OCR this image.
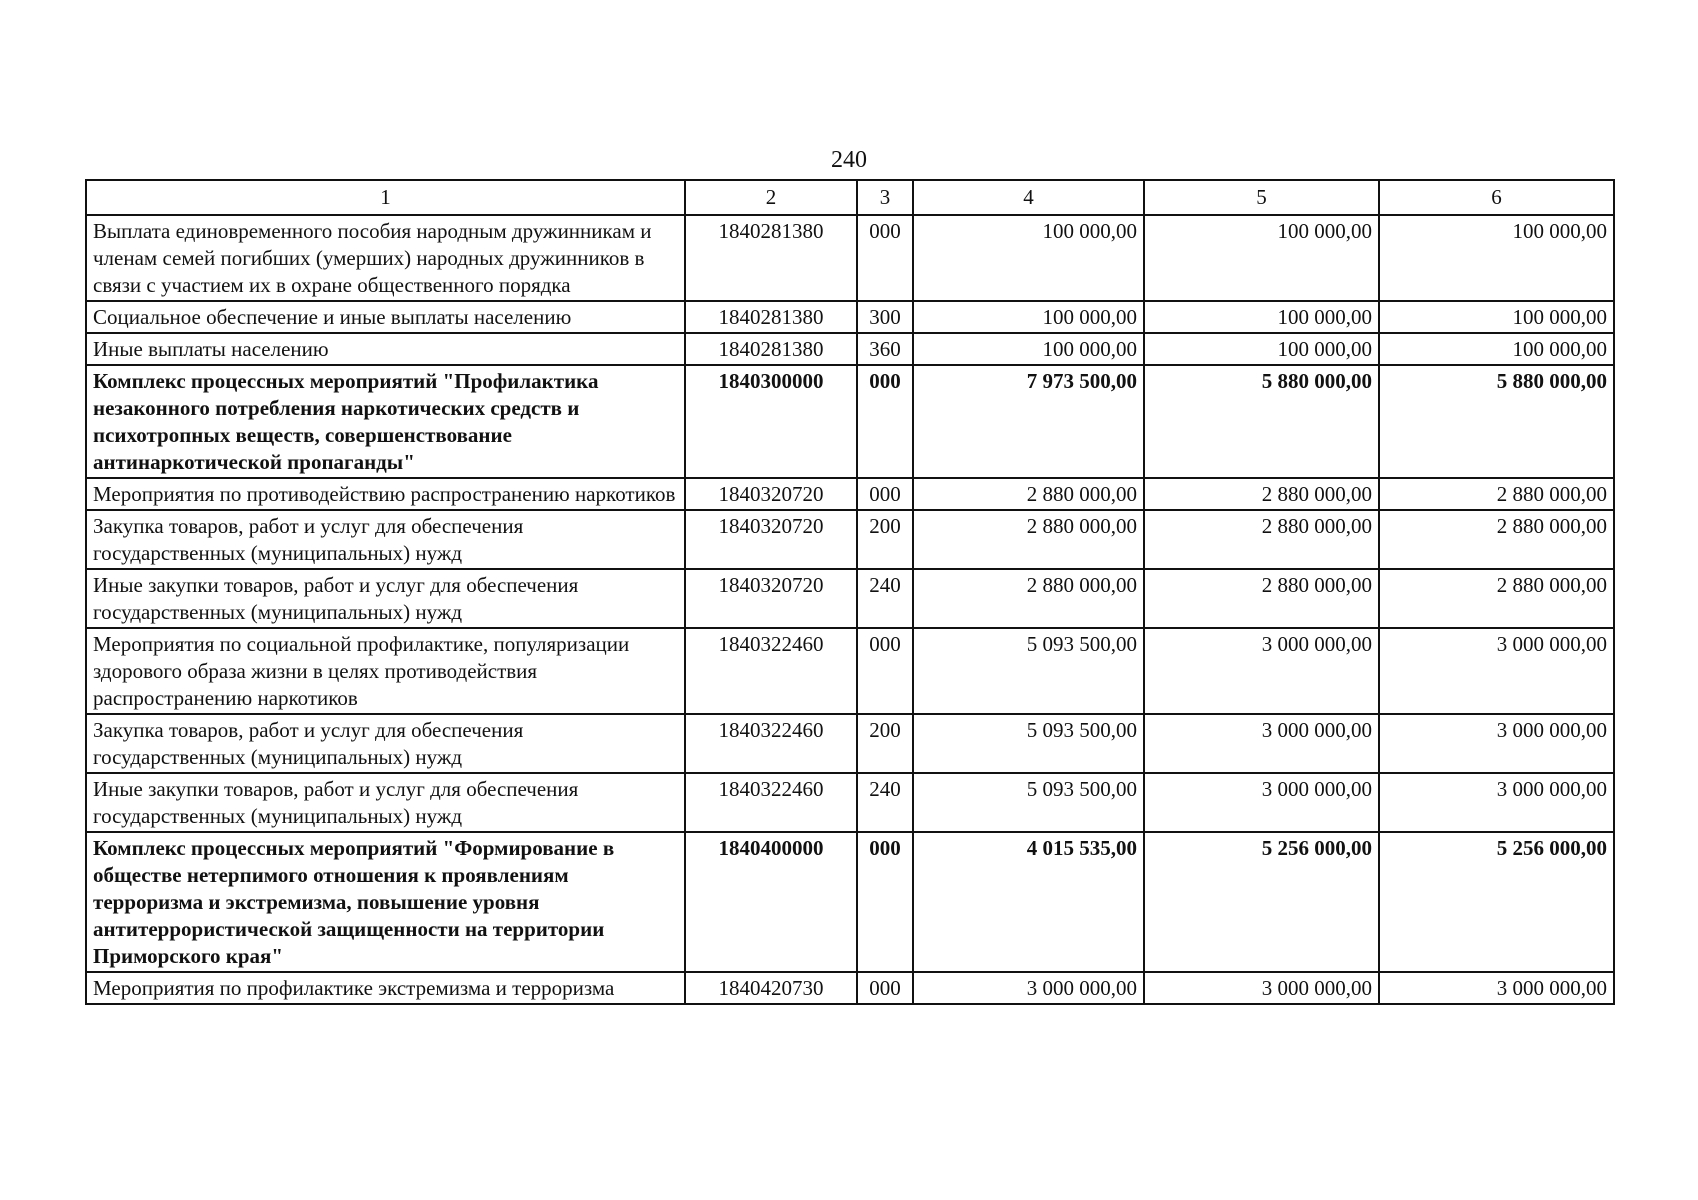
240
1	2	3	4	5	6
Выплата единовременного пособия народным дружинникам и членам семей погибших (умерших) народных дружинников в связи с участием их в охране общественного порядка	1840281380	000	100 000,00	100 000,00	100 000,00
Социальное обеспечение и иные выплаты населению	1840281380	300	100 000,00	100 000,00	100 000,00
Иные выплаты населению	1840281380	360	100 000,00	100 000,00	100 000,00
Комплекс процессных мероприятий "Профилактика незаконного потребления наркотических средств и психотропных веществ, совершенствование антинаркотической пропаганды"	1840300000	000	7 973 500,00	5 880 000,00	5 880 000,00
Мероприятия по противодействию распространению наркотиков	1840320720	000	2 880 000,00	2 880 000,00	2 880 000,00
Закупка товаров, работ и услуг для обеспечения государственных (муниципальных) нужд	1840320720	200	2 880 000,00	2 880 000,00	2 880 000,00
Иные закупки товаров, работ и услуг для обеспечения государственных (муниципальных) нужд	1840320720	240	2 880 000,00	2 880 000,00	2 880 000,00
Мероприятия по социальной профилактике, популяризации здорового образа жизни в целях противодействия распространению наркотиков	1840322460	000	5 093 500,00	3 000 000,00	3 000 000,00
Закупка товаров, работ и услуг для обеспечения государственных (муниципальных) нужд	1840322460	200	5 093 500,00	3 000 000,00	3 000 000,00
Иные закупки товаров, работ и услуг для обеспечения государственных (муниципальных) нужд	1840322460	240	5 093 500,00	3 000 000,00	3 000 000,00
Комплекс процессных мероприятий "Формирование в обществе нетерпимого отношения к проявлениям терроризма и экстремизма, повышение уровня антитеррористической защищенности на территории Приморского края"	1840400000	000	4 015 535,00	5 256 000,00	5 256 000,00
Мероприятия по профилактике экстремизма и терроризма	1840420730	000	3 000 000,00	3 000 000,00	3 000 000,00
